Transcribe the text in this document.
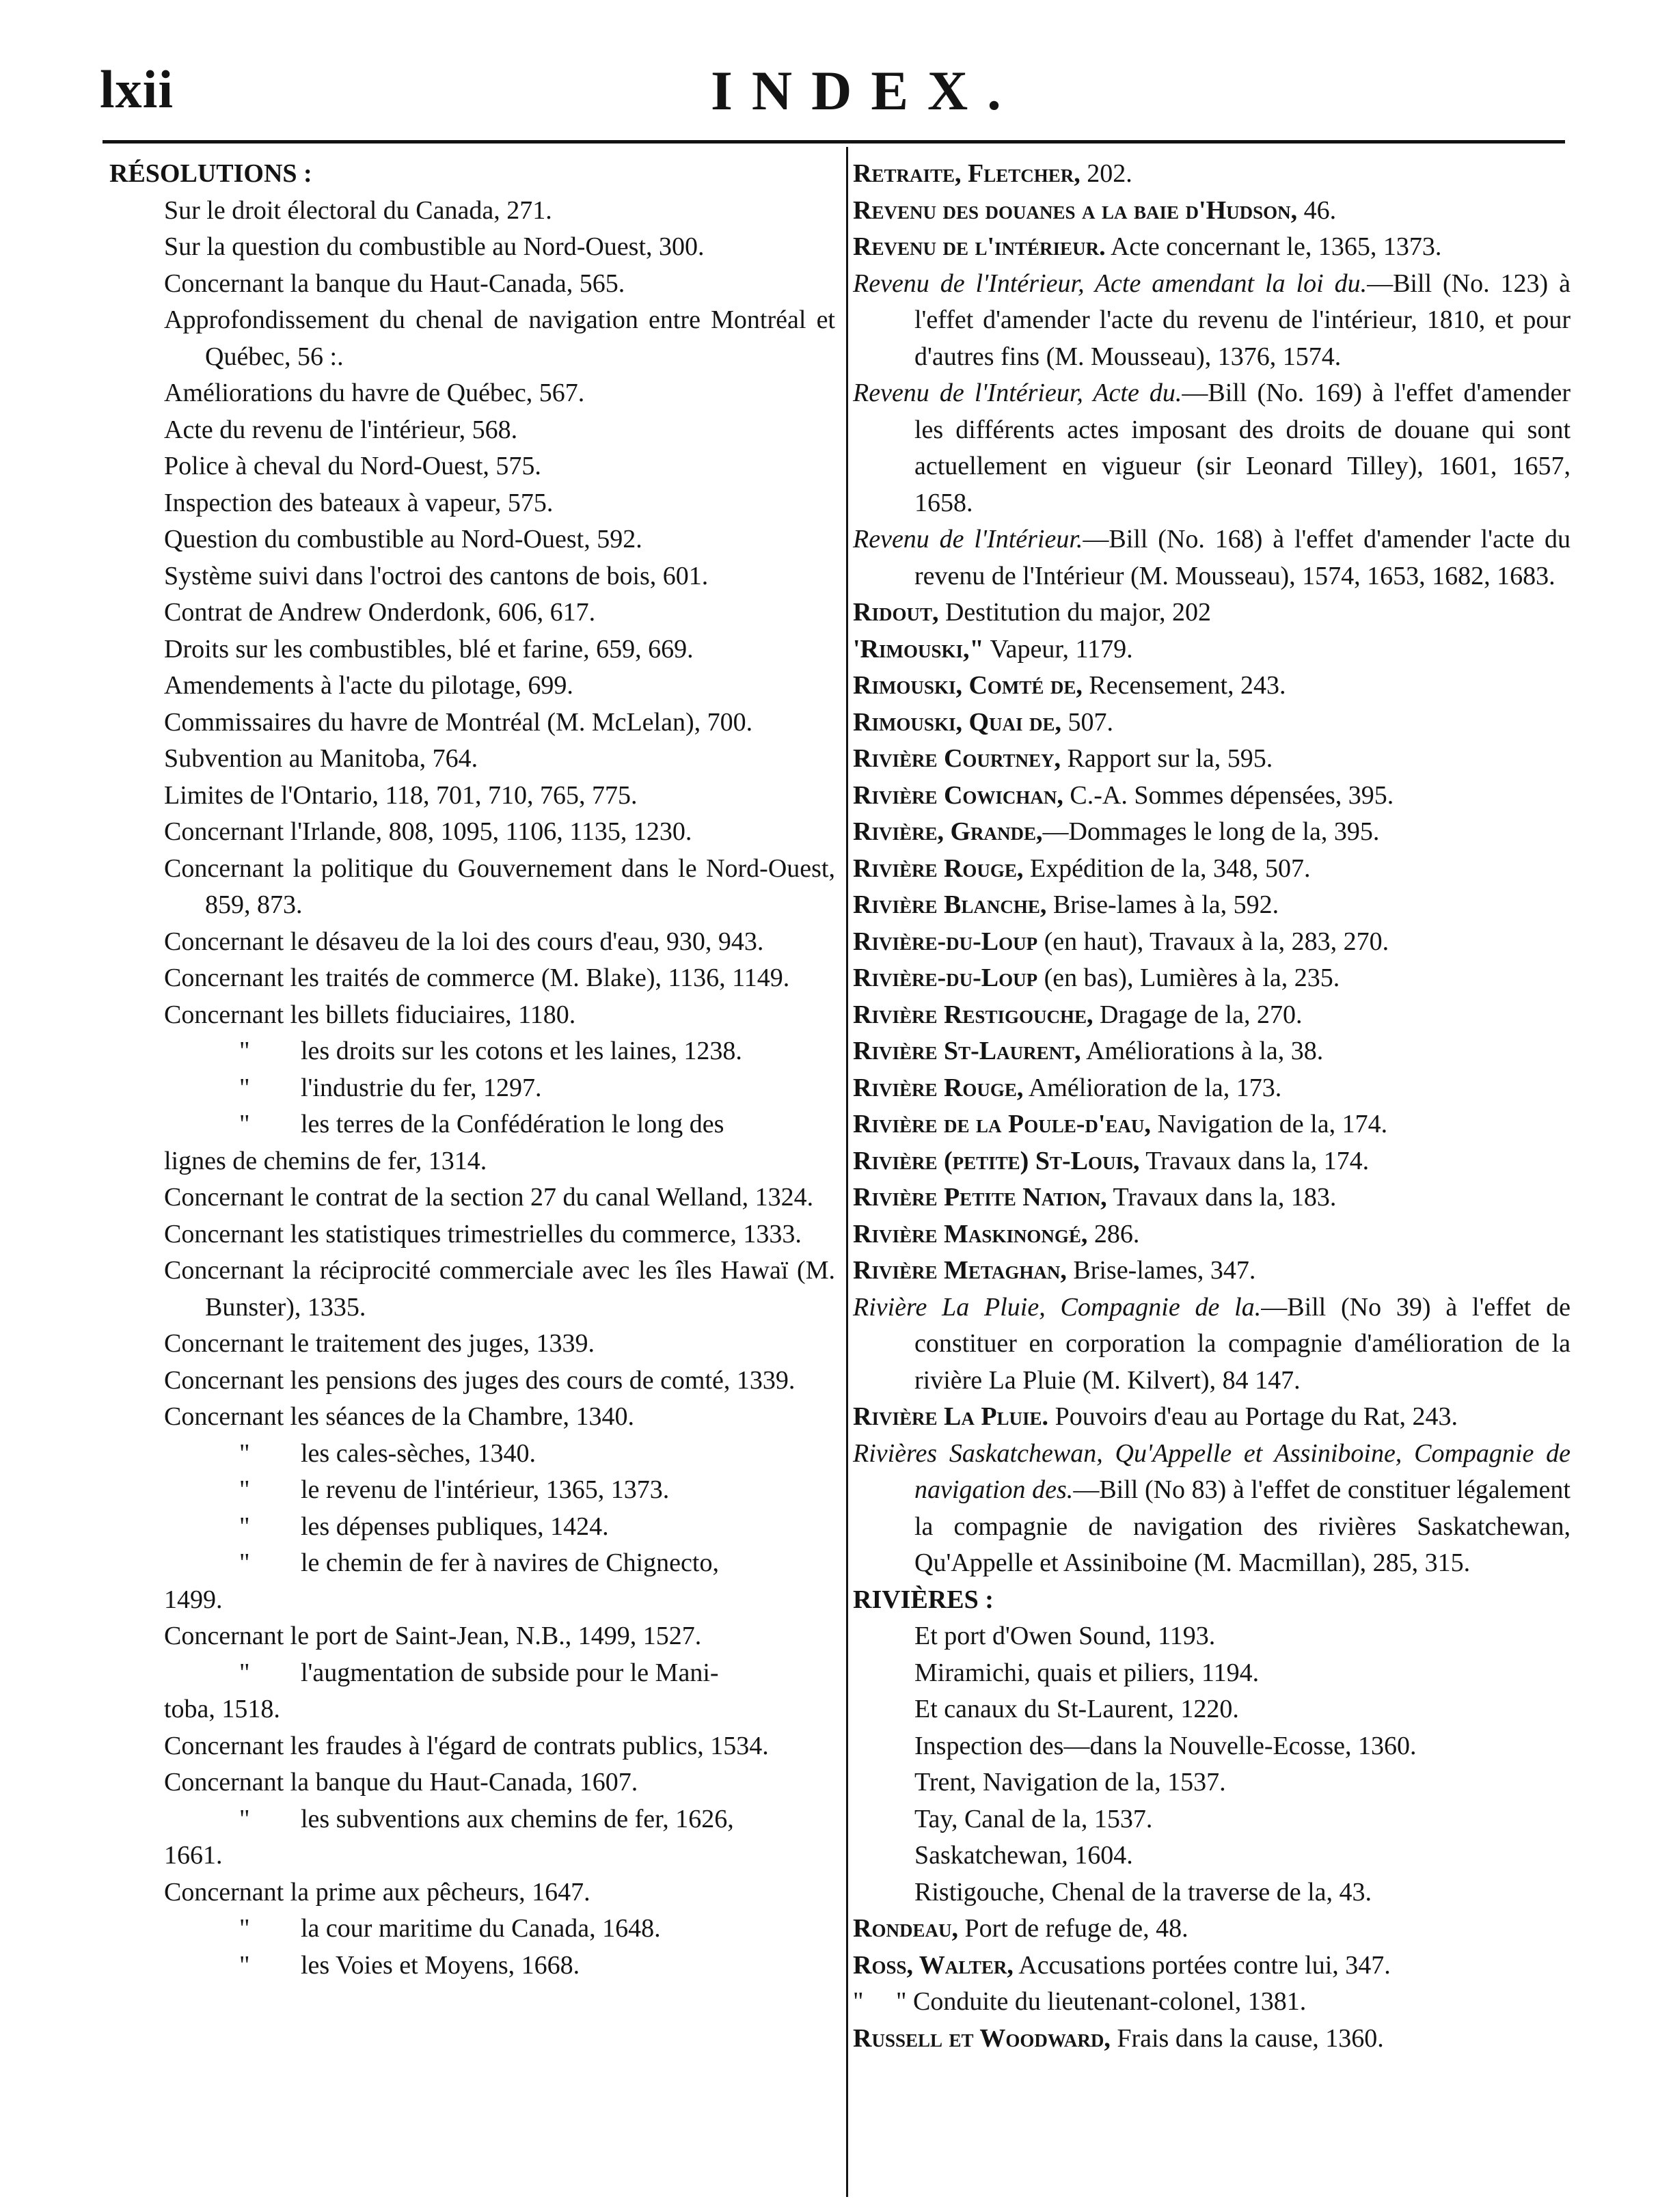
lxii	INDEX.

RÉSOLUTIONS :

Sur le droit électoral du Canada, 271.

Sur la question du combustible au Nord-Ouest, 300.

Concernant la banque du Haut-Canada, 565.

Approfondissement du chenal de navigation entre Montréal et Québec, 56 :.

Améliorations du havre de Québec, 567.

Acte du revenu de l'intérieur, 568.

Police à cheval du Nord-Ouest, 575.

Inspection des bateaux à vapeur, 575.

Question du combustible au Nord-Ouest, 592.

Système suivi dans l'octroi des cantons de bois, 601.

Contrat de Andrew Onderdonk, 606, 617.

Droits sur les combustibles, blé et farine, 659, 669.

Amendements à l'acte du pilotage, 699.

Commissaires du havre de Montréal (M. McLelan), 700.

Subvention au Manitoba, 764.

Limites de l'Ontario, 118, 701, 710, 765, 775.

Concernant l'Irlande, 808, 1095, 1106, 1135, 1230.

Concernant la politique du Gouvernement dans le Nord-Ouest, 859, 873.

Concernant le désaveu de la loi des cours d'eau, 930, 943.

Concernant les traités de commerce (M. Blake), 1136, 1149.

Concernant les billets fiduciaires, 1180.

" les droits sur les cotons et les laines, 1238.

" l'industrie du fer, 1297.

" les terres de la Confédération le long des

lignes de chemins de fer, 1314.

Concernant le contrat de la section 27 du canal Welland, 1324.

Concernant les statistiques trimestrielles du commerce, 1333.

Concernant la réciprocité commerciale avec les îles Hawaï (M. Bunster), 1335.

Concernant le traitement des juges, 1339.

Concernant les pensions des juges des cours de comté, 1339.

Concernant les séances de la Chambre, 1340.

" les cales-sèches, 1340.

" le revenu de l'intérieur, 1365, 1373.

" les dépenses publiques, 1424.

" le chemin de fer à navires de Chignecto,

1499.

Concernant le port de Saint-Jean, N.B., 1499, 1527.

" l'augmentation de subside pour le Mani-

toba, 1518.

Concernant les fraudes à l'égard de contrats publics, 1534.

Concernant la banque du Haut-Canada, 1607.

" les subventions aux chemins de fer, 1626,

1661.

Concernant la prime aux pêcheurs, 1647.

" la cour maritime du Canada, 1648.

" les Voies et Moyens, 1668.

Retraite, Fletcher, 202.

Revenu des douanes a la baie d'Hudson, 46.

Revenu de l'intérieur. Acte concernant le, 1365, 1373.

Revenu de l'Intérieur, Acte amendant la loi du.—Bill (No. 123) à l'effet d'amender l'acte du revenu de l'intérieur, 1810, et pour d'autres fins (M. Mousseau), 1376, 1574.

Revenu de l'Intérieur, Acte du.—Bill (No. 169) à l'effet d'amender les différents actes imposant des droits de douane qui sont actuellement en vigueur (sir Leonard Tilley), 1601, 1657, 1658.

Revenu de l'Intérieur.—Bill (No. 168) à l'effet d'amender l'acte du revenu de l'Intérieur (M. Mousseau), 1574, 1653, 1682, 1683.

Ridout, Destitution du major, 202

'Rimouski," Vapeur, 1179.

Rimouski, Comté de, Recensement, 243.

Rimouski, Quai de, 507.

Rivière Courtney, Rapport sur la, 595.

Rivière Cowichan, C.-A. Sommes dépensées, 395.

Rivière, Grande,—Dommages le long de la, 395.

Rivière Rouge, Expédition de la, 348, 507.

Rivière Blanche, Brise-lames à la, 592.

Rivière-du-Loup (en haut), Travaux à la, 283, 270.

Rivière-du-Loup (en bas), Lumières à la, 235.

Rivière Restigouche, Dragage de la, 270.

Rivière St-Laurent, Améliorations à la, 38.

Rivière Rouge, Amélioration de la, 173.

Rivière de la Poule-d'eau, Navigation de la, 174.

Rivière (petite) St-Louis, Travaux dans la, 174.

Rivière Petite Nation, Travaux dans la, 183.

Rivière Maskinongé, 286.

Rivière Metaghan, Brise-lames, 347.

Rivière La Pluie, Compagnie de la.—Bill (No 39) à l'effet de constituer en corporation la compagnie d'amélioration de la rivière La Pluie (M. Kilvert), 84 147.

Rivière La Pluie. Pouvoirs d'eau au Portage du Rat, 243.

Rivières Saskatchewan, Qu'Appelle et Assiniboine, Compagnie de navigation des.—Bill (No 83) à l'effet de constituer légalement la compagnie de navigation des rivières Saskatchewan, Qu'Appelle et Assiniboine (M. Macmillan), 285, 315.

RIVIÈRES :

Et port d'Owen Sound, 1193.

Miramichi, quais et piliers, 1194.

Et canaux du St-Laurent, 1220.

Inspection des—dans la Nouvelle-Ecosse, 1360.

Trent, Navigation de la, 1537.

Tay, Canal de la, 1537.

Saskatchewan, 1604.

Ristigouche, Chenal de la traverse de la, 43.

Rondeau, Port de refuge de, 48.

Ross, Walter, Accusations portées contre lui, 347.

"     " Conduite du lieutenant-colonel, 1381.

Russell et Woodward, Frais dans la cause, 1360.
